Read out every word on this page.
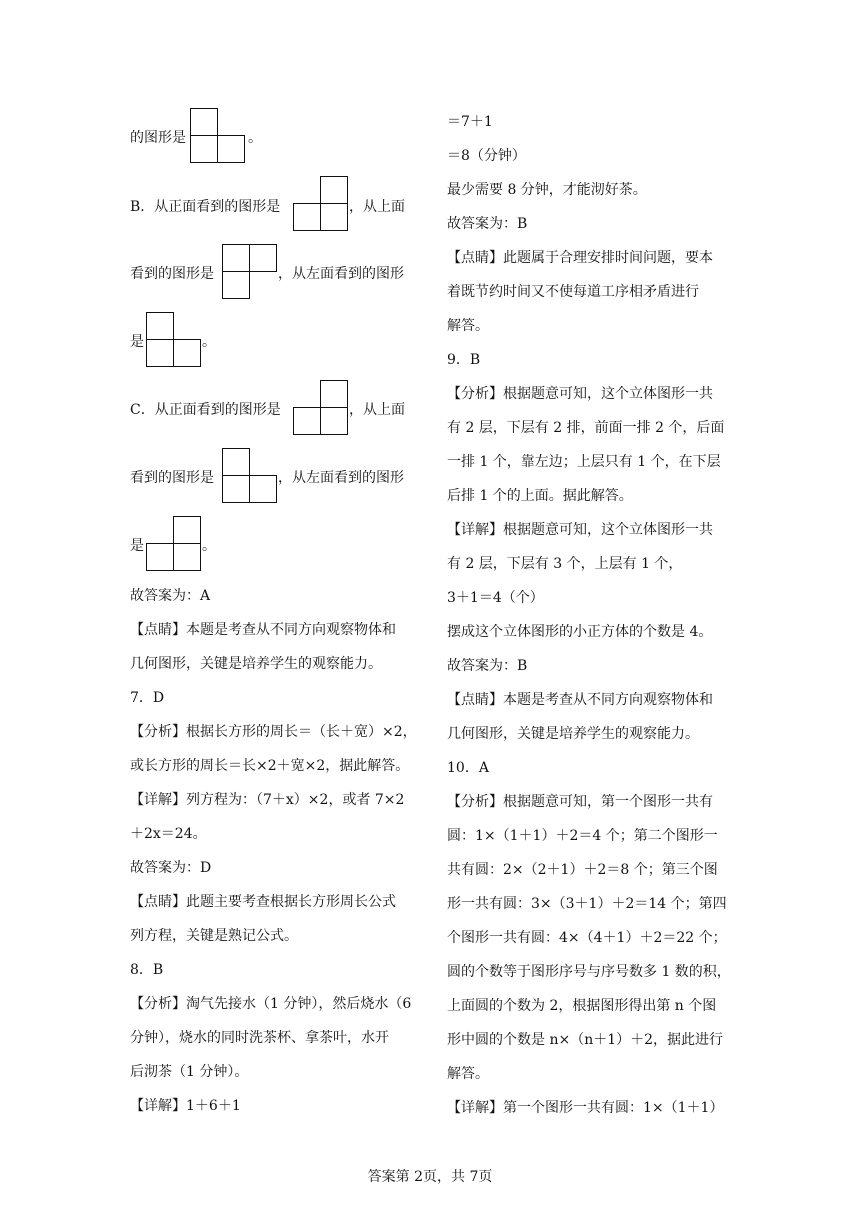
的图形是	。
B．从正面看到的图形是	，从上面
看到的图形是	，从左面看到的图形
是	。
C．从正面看到的图形是	，从上面
看到的图形是	，从左面看到的图形
是	。
故答案为：A
【点睛】本题是考查从不同方向观察物体和
几何图形，关键是培养学生的观察能力。
7．D
【分析】根据长方形的周长＝（长＋宽）×2，
或长方形的周长＝长×2＋宽×2，据此解答。
【详解】列方程为：（7＋x）×2，或者 7×2
＋2x＝24。
故答案为：D
【点睛】此题主要考查根据长方形周长公式
列方程，关键是熟记公式。
8．B
【分析】淘气先接水（1 分钟），然后烧水（6
分钟），烧水的同时洗茶杯、拿茶叶，水开
后沏茶（1 分钟）。
【详解】1＋6＋1
＝7＋1
＝8（分钟）
最少需要 8 分钟，才能沏好茶。
故答案为：B
【点睛】此题属于合理安排时间问题，要本
着既节约时间又不使每道工序相矛盾进行
解答。
9．B
【分析】根据题意可知，这个立体图形一共
有 2 层，下层有 2 排，前面一排 2 个，后面
一排 1 个，靠左边；上层只有 1 个，在下层
后排 1 个的上面。据此解答。
【详解】根据题意可知，这个立体图形一共
有 2 层，下层有 3 个，上层有 1 个，
3＋1＝4（个）
摆成这个立体图形的小正方体的个数是 4。
故答案为：B
【点睛】本题是考查从不同方向观察物体和
几何图形，关键是培养学生的观察能力。
10．A
【分析】根据题意可知，第一个图形一共有
圆：1×（1＋1）＋2＝4 个；第二个图形一
共有圆：2×（2＋1）＋2＝8 个；第三个图
形一共有圆：3×（3＋1）＋2＝14 个；第四
个图形一共有圆：4×（4＋1）＋2＝22 个；
圆的个数等于图形序号与序号数多 1 数的积，
上面圆的个数为 2，根据图形得出第 n 个图
形中圆的个数是 n×（n＋1）＋2，据此进行
解答。
【详解】第一个图形一共有圆：1×（1＋1）
答案第 2页，共 7页
